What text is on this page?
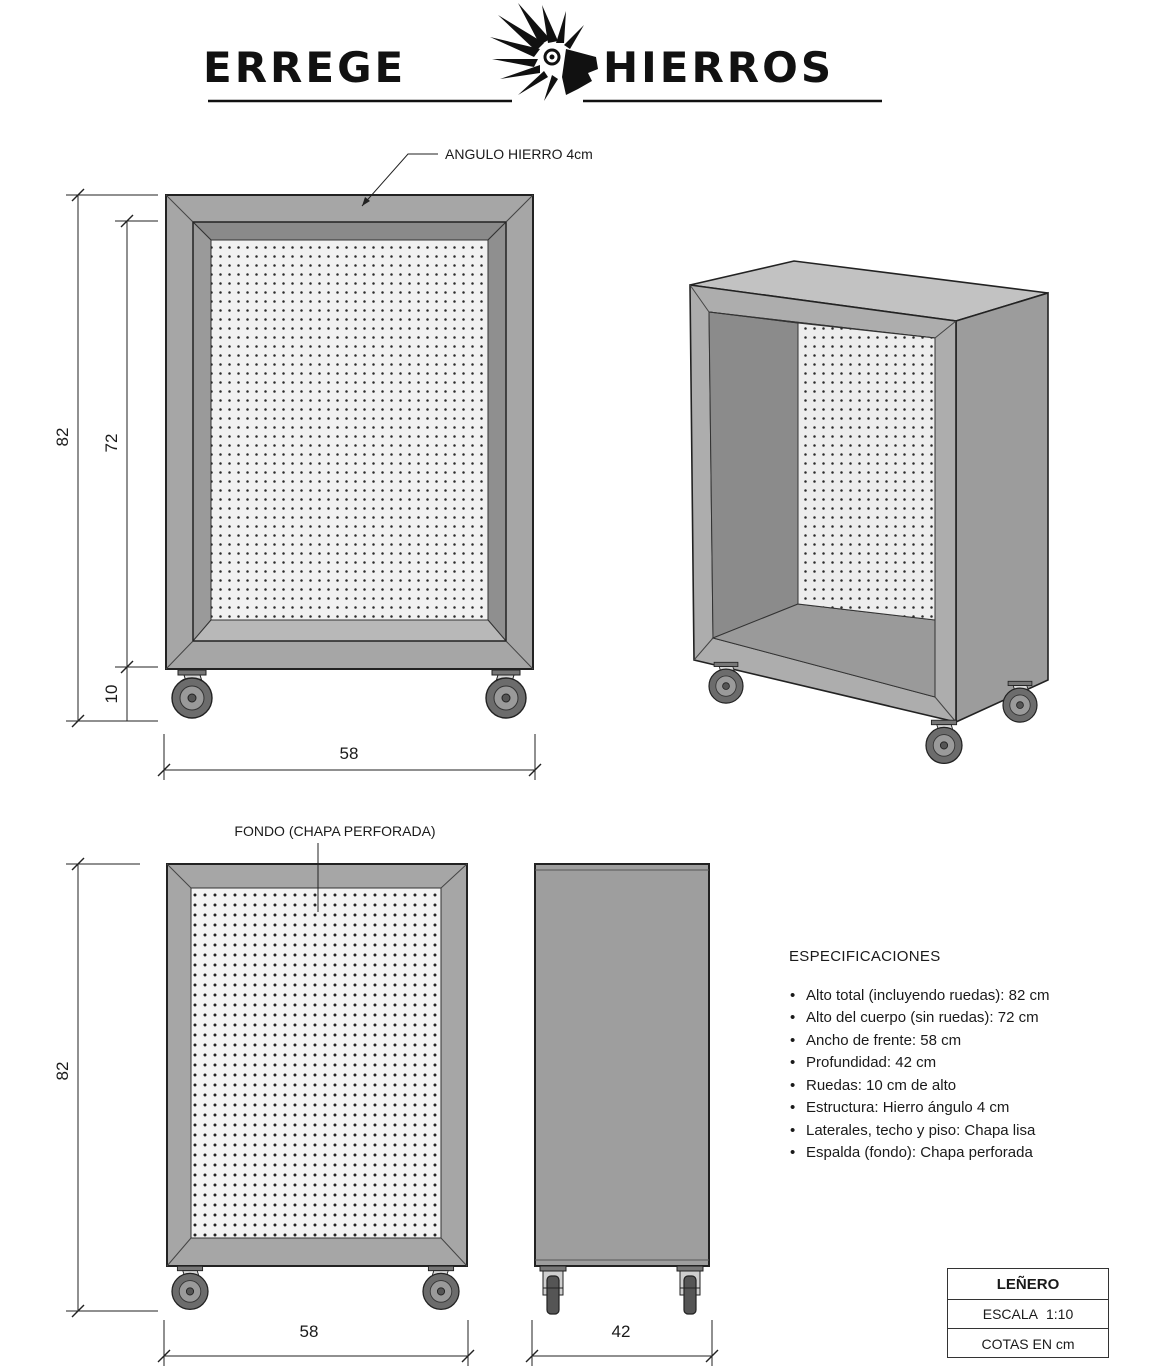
ERREGE	HIERROS
ANGULO HIERRO 4cm
82 72
10
58
FONDO (CHAPA PERFORADA)
82
58	42
ESPECIFICACIONES
• Alto total (incluyendo ruedas): 82 cm
• Alto del cuerpo (sin ruedas): 72 cm
• Ancho de frente: 58 cm
• Profundidad: 42 cm
• Ruedas: 10 cm de alto
• Estructura: Hierro ángulo 4 cm
• Laterales, techo y piso: Chapa lisa
• Espalda (fondo): Chapa perforada
LEÑERO
ESCALA 1:10
COTAS EN cm
